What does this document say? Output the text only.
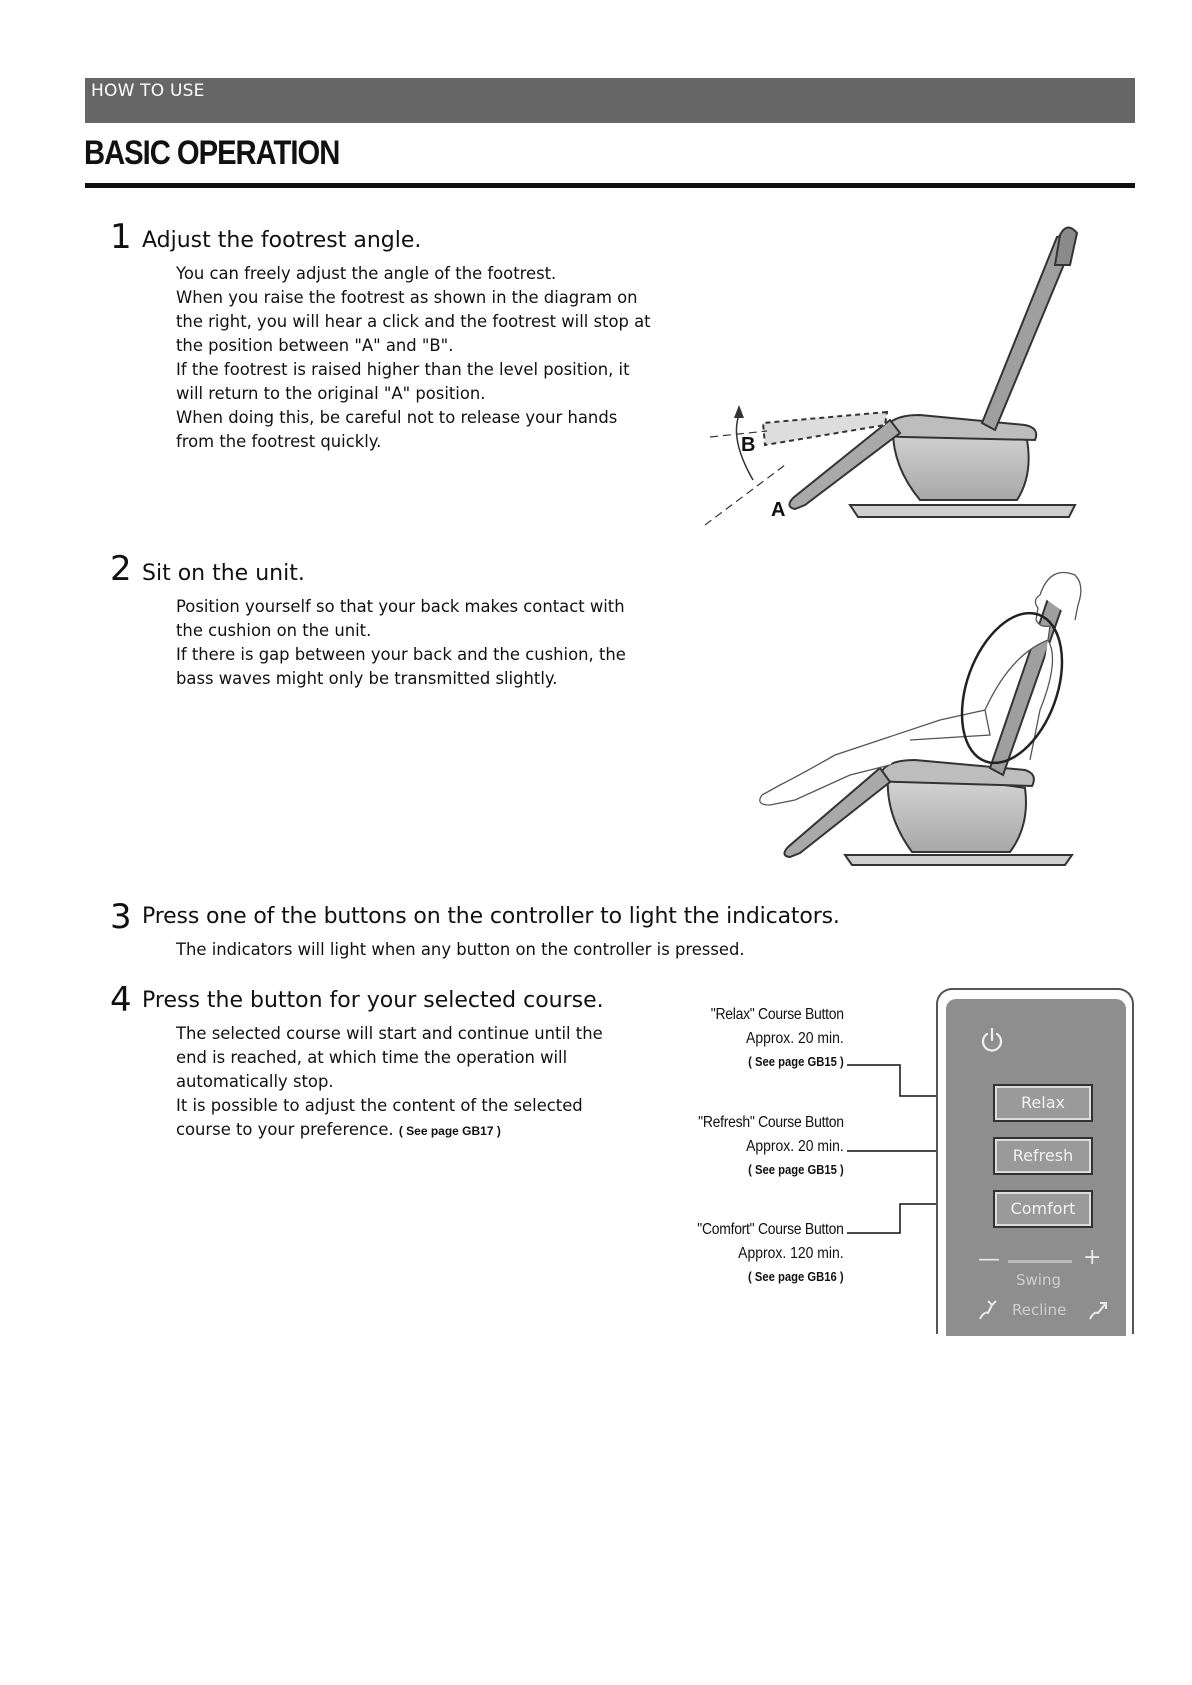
HOW TO USE
BASIC OPERATION
1 Adjust the footrest angle.

You can freely adjust the angle of the footrest.

When you raise the footrest as shown in the diagram on

the right, you will hear a click and the footrest will stop at

the position between "A" and "B".

If the footrest is raised higher than the level position, it

will return to the original "A" position.

When doing this, be careful not to release your hands

from the footrest quickly.	B
A
2 Sit on the unit.

Position yourself so that your back makes contact with

the cushion on the unit.

If there is gap between your back and the cushion, the

bass waves might only be transmitted slightly.

3 Press one of the buttons on the controller to light the indicators.

The indicators will light when any button on the controller is pressed.

4 Press the button for your selected course.

The selected course will start and continue until the

end is reached, at which time the operation will

automatically stop.

It is possible to adjust the content of the selected

course to your preference. ( See page GB17 )

"Relax" Course Button
Approx. 20 min.
( See page GB15 )
"Refresh" Course Button
Approx. 20 min.
( See page GB15 )
"Comfort" Course Button
Approx. 120 min.
( See page GB16 )
Relax
Refresh
Comfort
—	+
Swing
Recline
